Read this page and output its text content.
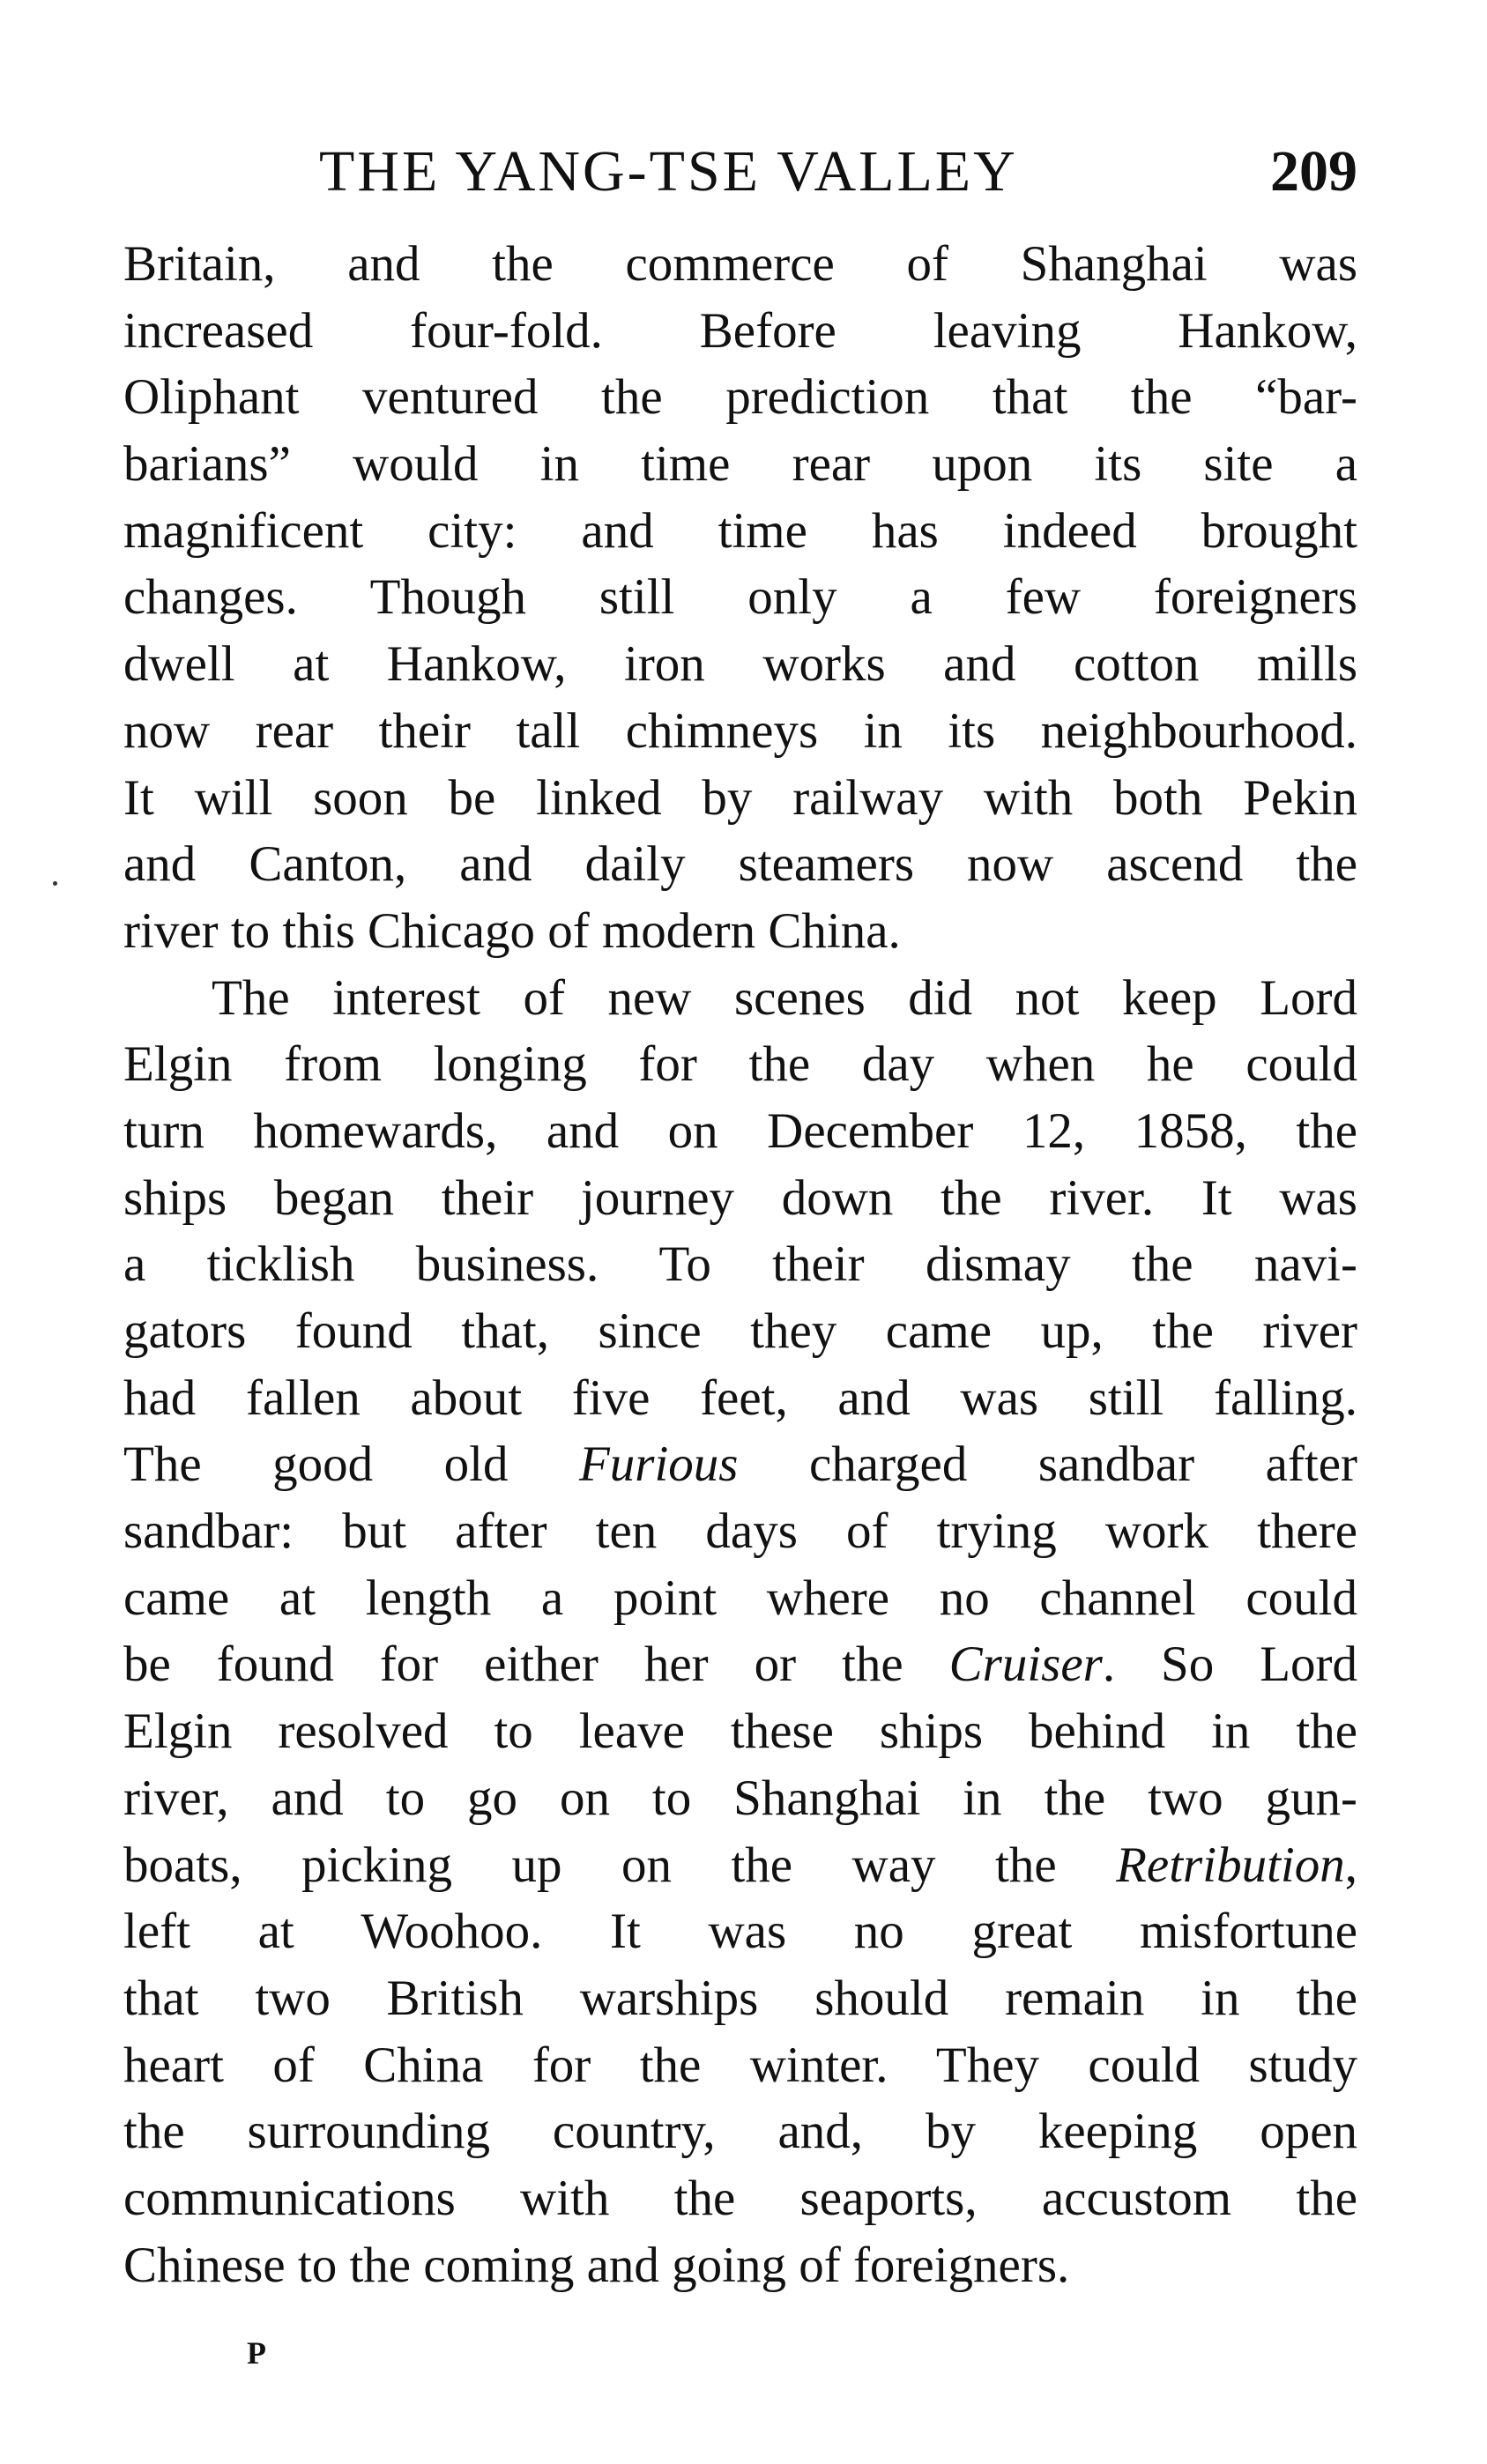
THE YANG-TSE VALLEY	209
Britain, and the commerce of Shanghai was
increased four-fold. Before leaving Hankow,
Oliphant ventured the prediction that the “bar-
barians” would in time rear upon its site a
magnificent city: and time has indeed brought
changes. Though still only a few foreigners
dwell at Hankow, iron works and cotton mills
now rear their tall chimneys in its neighbourhood.
It will soon be linked by railway with both Pekin
and Canton, and daily steamers now ascend the
river to this Chicago of modern China.
The interest of new scenes did not keep Lord
Elgin from longing for the day when he could
turn homewards, and on December 12, 1858, the
ships began their journey down the river. It was
a ticklish business. To their dismay the navi-
gators found that, since they came up, the river
had fallen about five feet, and was still falling.
The good old Furious charged sandbar after
sandbar: but after ten days of trying work there
came at length a point where no channel could
be found for either her or the Cruiser. So Lord
Elgin resolved to leave these ships behind in the
river, and to go on to Shanghai in the two gun-
boats, picking up on the way the Retribution,
left at Woohoo. It was no great misfortune
that two British warships should remain in the
heart of China for the winter. They could study
the surrounding country, and, by keeping open
communications with the seaports, accustom the
Chinese to the coming and going of foreigners.
P
